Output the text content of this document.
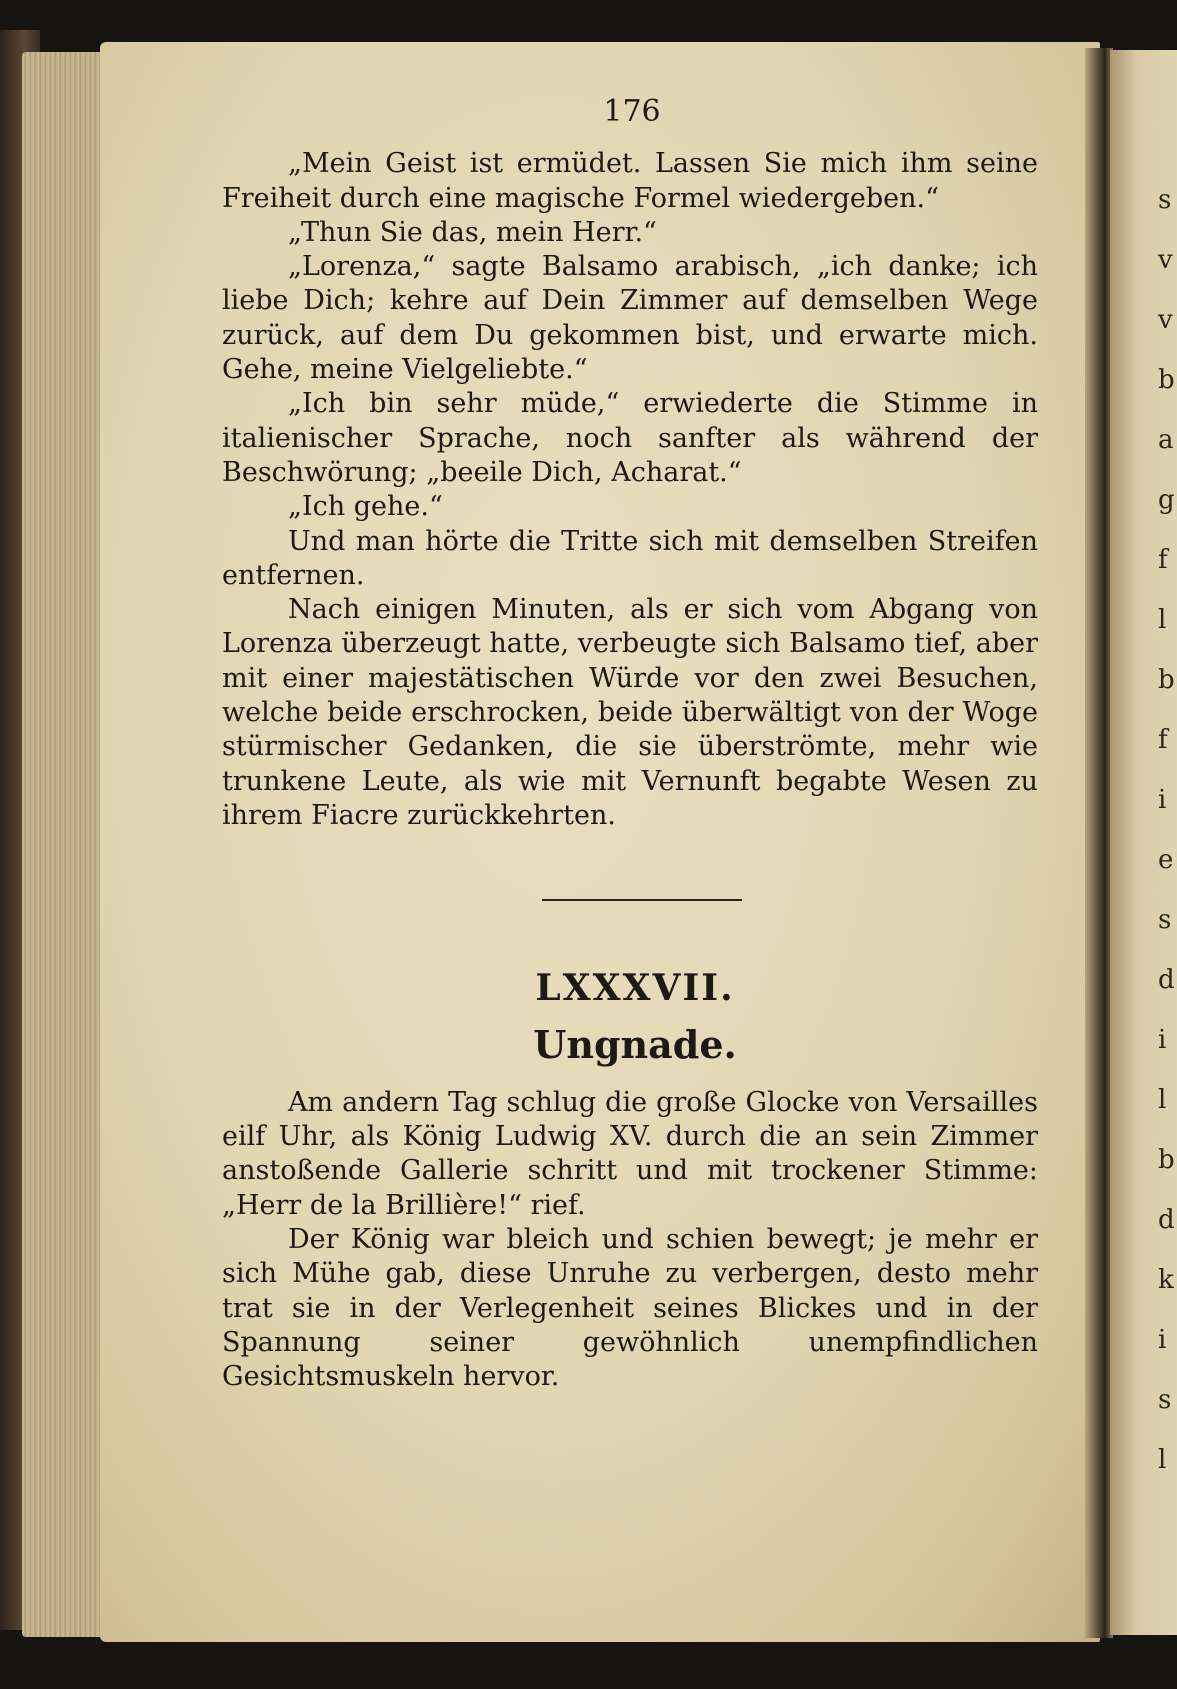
s
v
v
b
a
g
f
l
b
f
i
e
s
d
i
l
b
d
k
i
s
l
176

„Mein Geist ist ermüdet. Lassen Sie mich ihm seine Freiheit durch eine magische Formel wiedergeben.“

„Thun Sie das, mein Herr.“

„Lorenza,“ sagte Balsamo arabisch, „ich danke; ich liebe Dich; kehre auf Dein Zimmer auf demselben Wege zurück, auf dem Du gekommen bist, und erwarte mich. Gehe, meine Vielgeliebte.“

„Ich bin sehr müde,“ erwiederte die Stimme in italienischer Sprache, noch sanfter als während der Beschwörung; „beeile Dich, Acharat.“

„Ich gehe.“

Und man hörte die Tritte sich mit demselben Streifen entfernen.

Nach einigen Minuten, als er sich vom Abgang von Lorenza überzeugt hatte, verbeugte sich Balsamo tief, aber mit einer majestätischen Würde vor den zwei Besuchen, welche beide erschrocken, beide überwältigt von der Woge stürmischer Gedanken, die sie überströmte, mehr wie trunkene Leute, als wie mit Vernunft begabte Wesen zu ihrem Fiacre zurückkehrten.

LXXXVII.
Ungnade.

Am andern Tag schlug die große Glocke von Versailles eilf Uhr, als König Ludwig XV. durch die an sein Zimmer anstoßende Gallerie schritt und mit trockener Stimme: „Herr de la Brillière!“ rief.

Der König war bleich und schien bewegt; je mehr er sich Mühe gab, diese Unruhe zu verbergen, desto mehr trat sie in der Verlegenheit seines Blickes und in der Spannung seiner gewöhnlich unempfindlichen Gesichtsmuskeln hervor.
